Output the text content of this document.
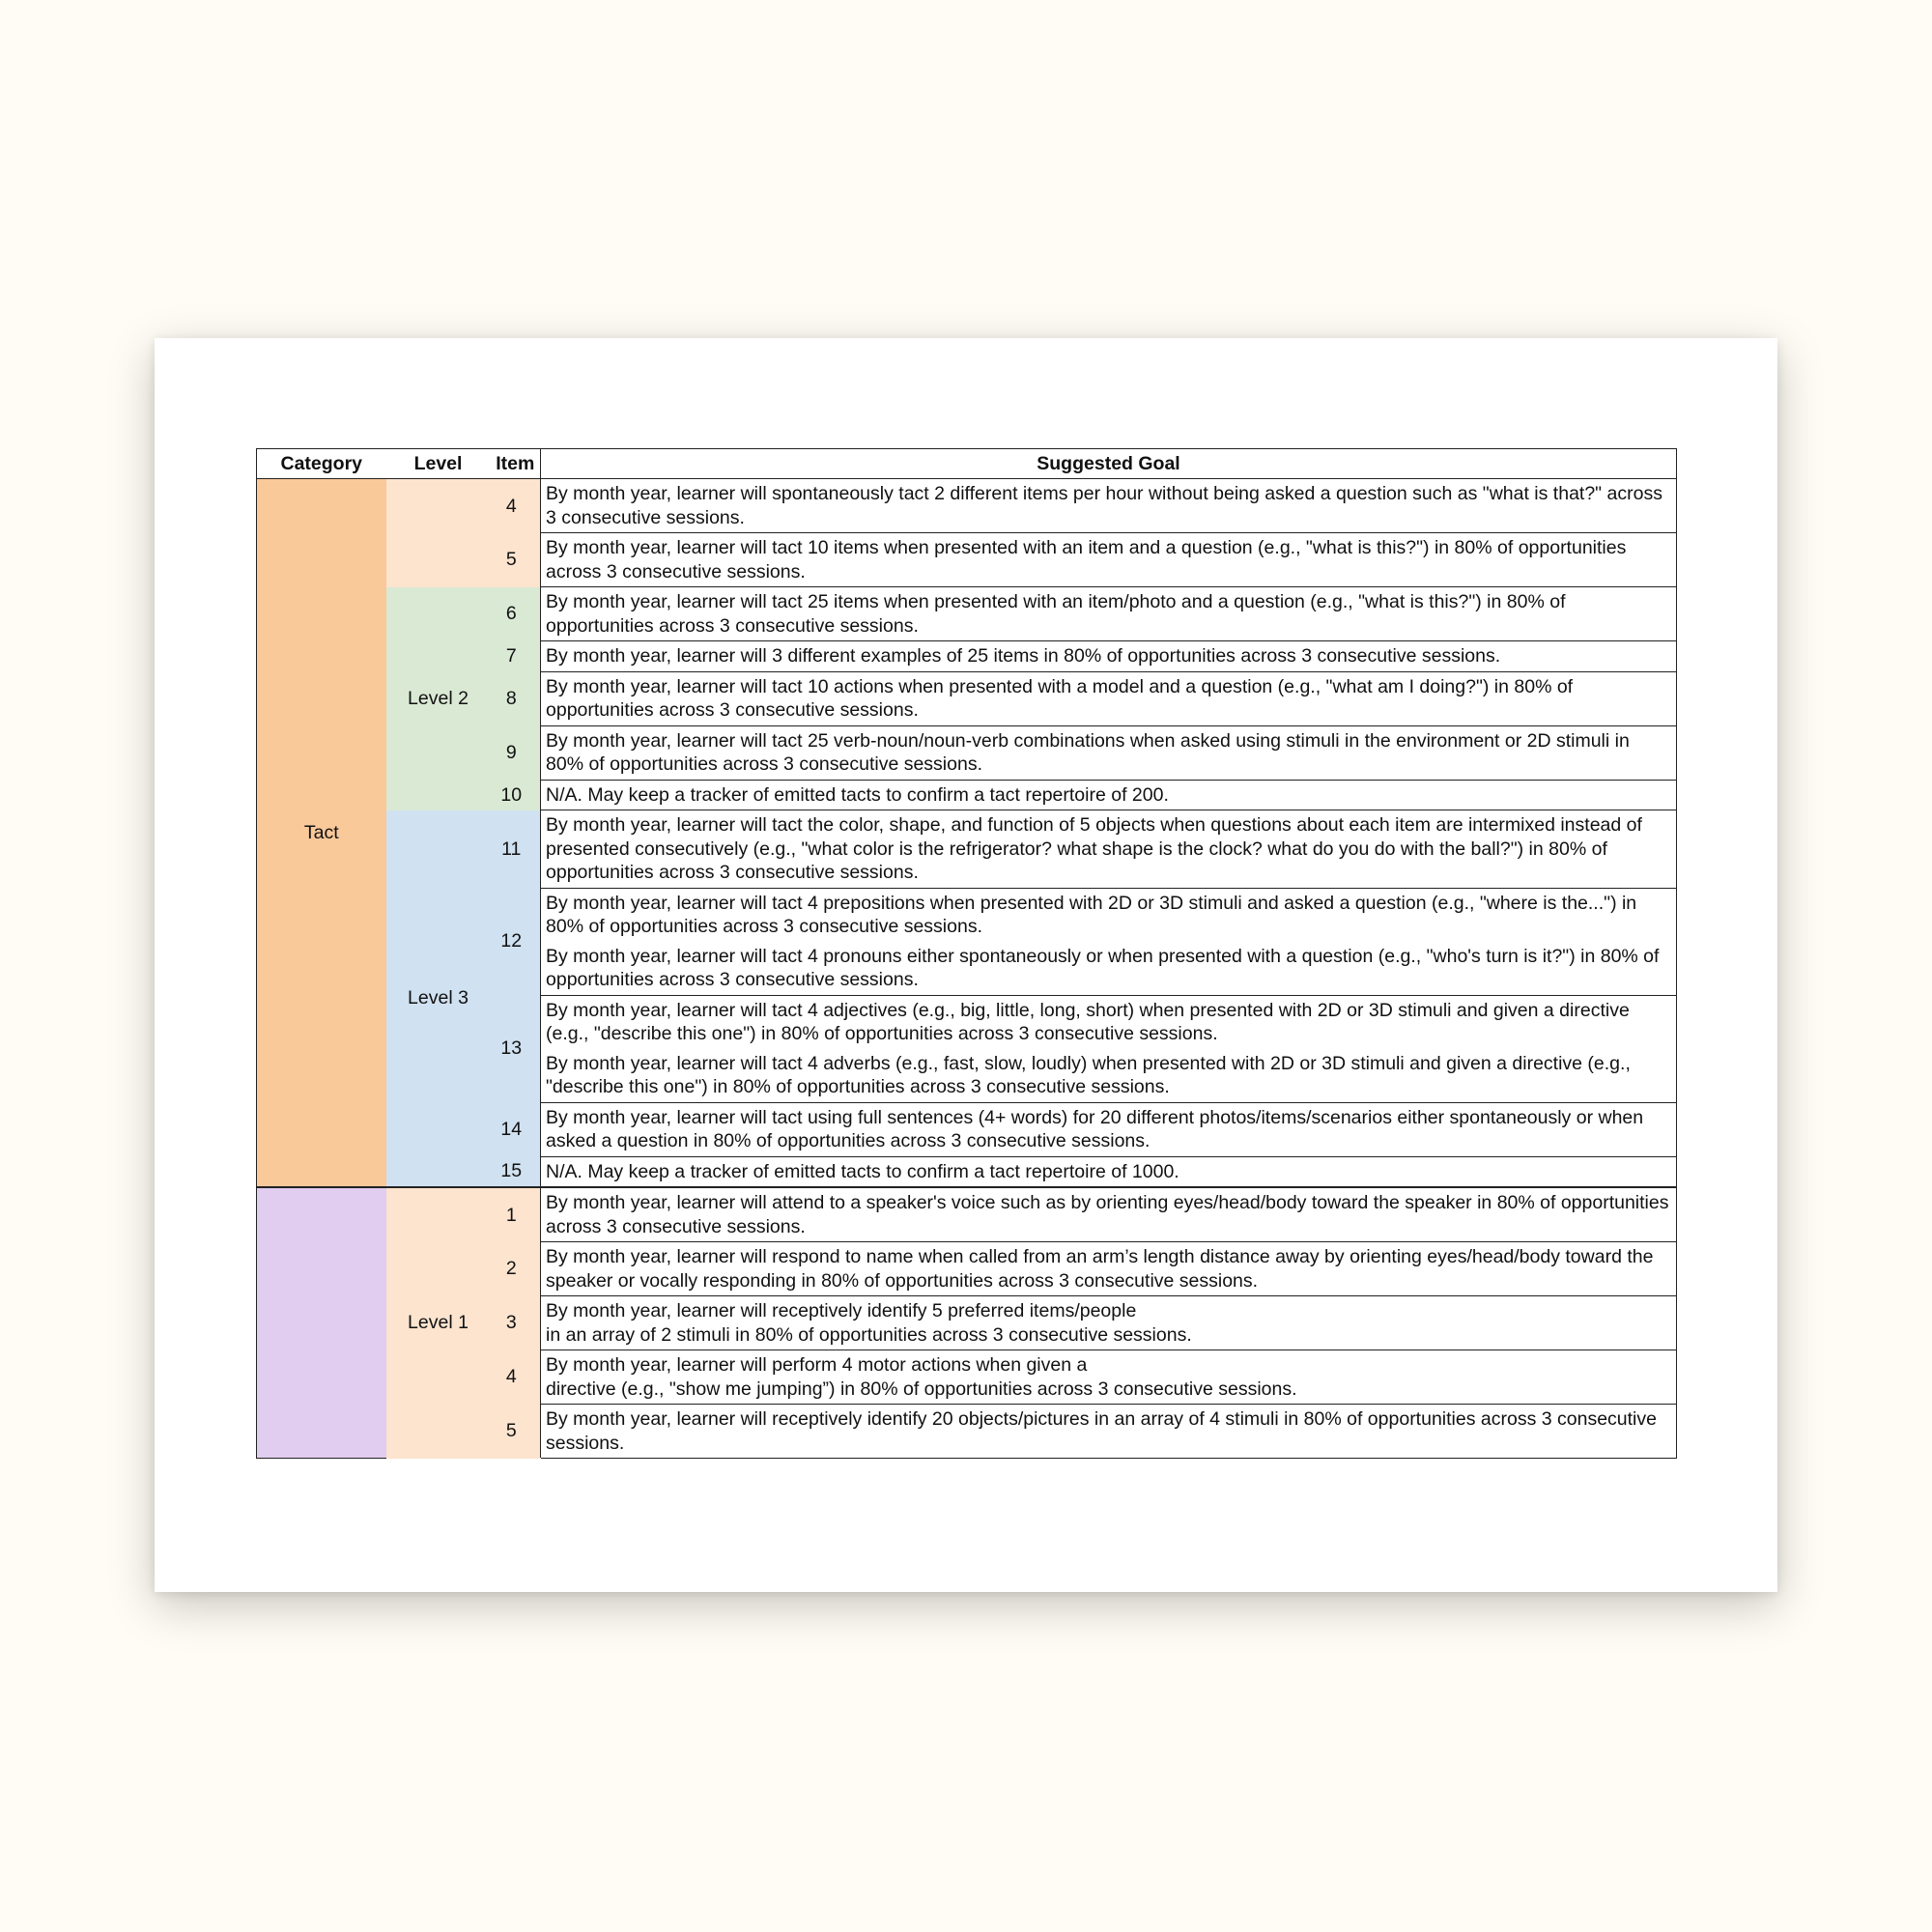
Category	Level	Item	Suggested Goal
Tact		4	By month year, learner will spontaneously tact 2 different items per hour without being asked a question such as "what is that?" across 3 consecutive sessions.
		5	By month year, learner will tact 10 items when presented with an item and a question (e.g., "what is this?") in 80% of opportunities across 3 consecutive sessions.
	Level 2	6	By month year, learner will tact 25 items when presented with an item/photo and a question (e.g., "what is this?") in 80% of opportunities across 3 consecutive sessions.
		7	By month year, learner will 3 different examples of 25 items in 80% of opportunities across 3 consecutive sessions.
		8	By month year, learner will tact 10 actions when presented with a model and a question (e.g., "what am I doing?") in 80% of opportunities across 3 consecutive sessions.
		9	By month year, learner will tact 25 verb-noun/noun-verb combinations when asked using stimuli in the environment or 2D stimuli in 80% of opportunities across 3 consecutive sessions.
		10	N/A. May keep a tracker of emitted tacts to confirm a tact repertoire of 200.
	Level 3	11	By month year, learner will tact the color, shape, and function of 5 objects when questions about each item are intermixed instead of presented consecutively (e.g., "what color is the refrigerator? what shape is the clock? what do you do with the ball?") in 80% of opportunities across 3 consecutive sessions.
		12	By month year, learner will tact 4 prepositions when presented with 2D or 3D stimuli and asked a question (e.g., "where is the...") in 80% of opportunities across 3 consecutive sessions.
			By month year, learner will tact 4 pronouns either spontaneously or when presented with a question (e.g., "who's turn is it?") in 80% of opportunities across 3 consecutive sessions.
		13	By month year, learner will tact 4 adjectives (e.g., big, little, long, short) when presented with 2D or 3D stimuli and given a directive (e.g., "describe this one") in 80% of opportunities across 3 consecutive sessions.
			By month year, learner will tact 4 adverbs (e.g., fast, slow, loudly) when presented with 2D or 3D stimuli and given a directive (e.g., "describe this one") in 80% of opportunities across 3 consecutive sessions.
		14	By month year, learner will tact using full sentences (4+ words) for 20 different photos/items/scenarios either spontaneously or when asked a question in 80% of opportunities across 3 consecutive sessions.
		15	N/A. May keep a tracker of emitted tacts to confirm a tact repertoire of 1000.
	Level 1	1	By month year, learner will attend to a speaker's voice such as by orienting eyes/head/body toward the speaker in 80% of opportunities across 3 consecutive sessions.
		2	By month year, learner will respond to name when called from an arm’s length distance away by orienting eyes/head/body toward the speaker or vocally responding in 80% of opportunities across 3 consecutive sessions.
		3	By month year, learner will receptively identify 5 preferred items/people
in an array of 2 stimuli in 80% of opportunities across 3 consecutive sessions.
		4	By month year, learner will perform 4 motor actions when given a
directive (e.g., "show me jumping”) in 80% of opportunities across 3 consecutive sessions.
		5	By month year, learner will receptively identify 20 objects/pictures in an array of 4 stimuli in 80% of opportunities across 3 consecutive sessions.
